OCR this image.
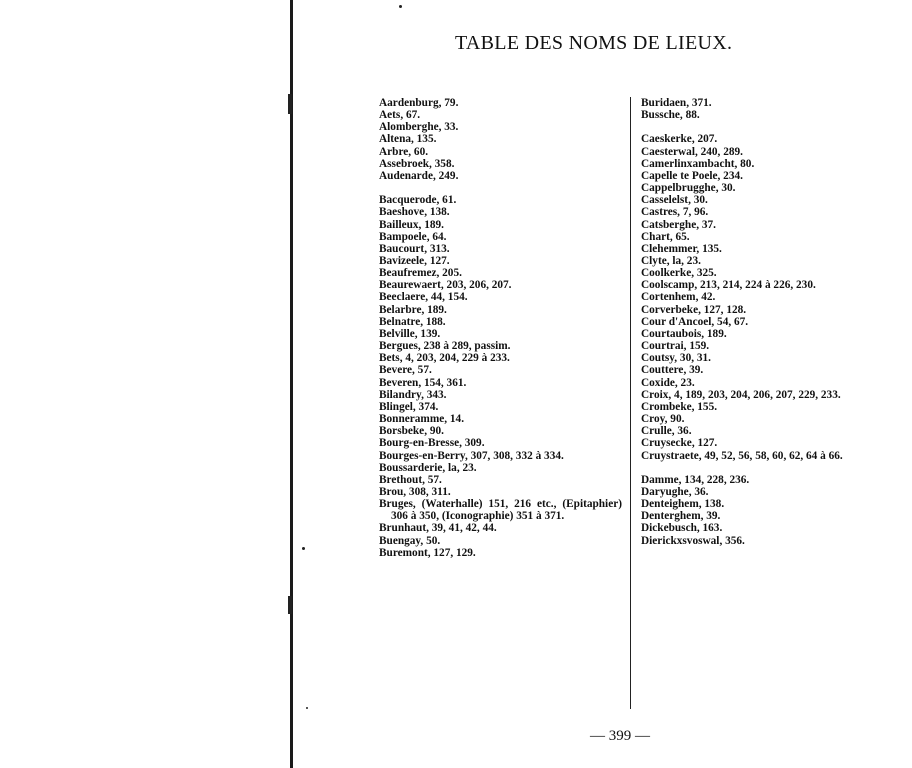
TABLE DES NOMS DE LIEUX.
Aardenburg, 79.
Aets, 67.
Alomberghe, 33.
Altena, 135.
Arbre, 60.
Assebroek, 358.
Audenarde, 249.
Bacquerode, 61.
Baeshove, 138.
Bailleux, 189.
Bampoele, 64.
Baucourt, 313.
Bavizeele, 127.
Beaufremez, 205.
Beaurewaert, 203, 206, 207.
Beeclaere, 44, 154.
Belarbre, 189.
Belnatre, 188.
Belville, 139.
Bergues, 238 à 289, passim.
Bets, 4, 203, 204, 229 à 233.
Bevere, 57.
Beveren, 154, 361.
Bilandry, 343.
Blingel, 374.
Bonneramme, 14.
Borsbeke, 90.
Bourg-en-Bresse, 309.
Bourges-en-Berry, 307, 308, 332 à 334.
Boussarderie, la, 23.
Brethout, 57.
Brou, 308, 311.
Bruges, (Waterhalle) 151, 216 etc., (Epitaphier) 306 à 350, (Iconographie) 351 à 371.
Brunhaut, 39, 41, 42, 44.
Buengay, 50.
Buremont, 127, 129.
Buridaen, 371.
Bussche, 88.
Caeskerke, 207.
Caesterwal, 240, 289.
Camerlinxambacht, 80.
Capelle te Poele, 234.
Cappelbrugghe, 30.
Casselelst, 30.
Castres, 7, 96.
Catsberghe, 37.
Chart, 65.
Clehemmer, 135.
Clyte, la, 23.
Coolkerke, 325.
Coolscamp, 213, 214, 224 à 226, 230.
Cortenhem, 42.
Corverbeke, 127, 128.
Cour d'Ancoel, 54, 67.
Courtaubois, 189.
Courtrai, 159.
Coutsy, 30, 31.
Couttere, 39.
Coxide, 23.
Croix, 4, 189, 203, 204, 206, 207, 229, 233.
Crombeke, 155.
Croy, 90.
Crulle, 36.
Cruysecke, 127.
Cruystraete, 49, 52, 56, 58, 60, 62, 64 à 66.
Damme, 134, 228, 236.
Daryughe, 36.
Denteighem, 138.
Denterghem, 39.
Dickebusch, 163.
Dierickxsvoswal, 356.
— 399 —
